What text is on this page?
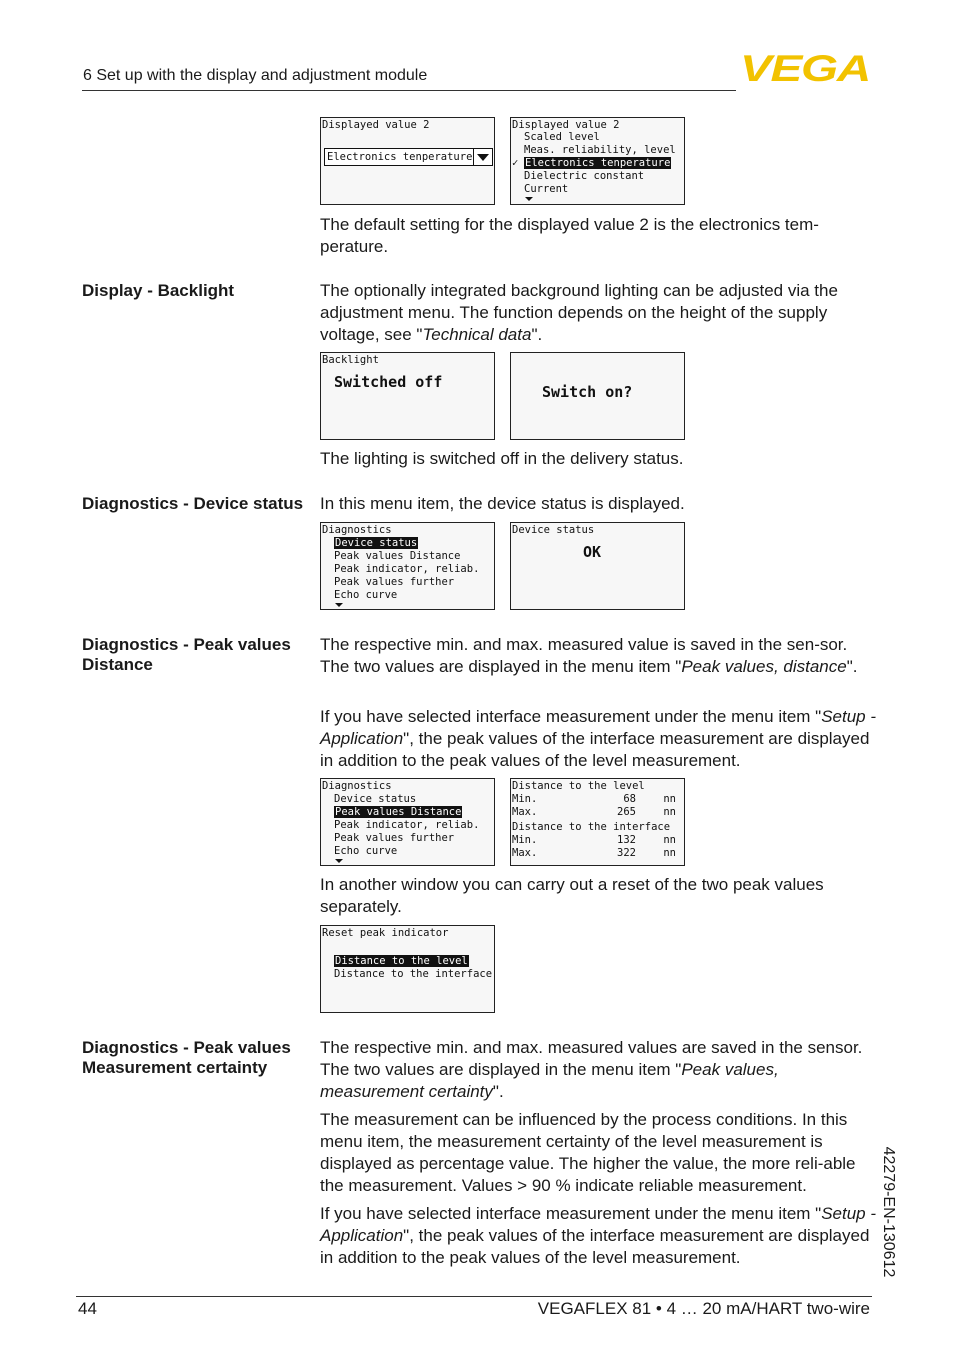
6 Set up with the display and adjustment module	VEGA
Displayed value 2
Electronics tenperature
Displayed value 2
Scaled level
Meas. reliability, level
✓ Electronics tenperature
Dielectric constant
Current
The default setting for the displayed value 2 is the electronics tem-perature.
Display - Backlight	The optionally integrated background lighting can be adjusted via the adjustment menu. The function depends on the height of the supply voltage, see "Technical data".
Backlight
Switched off
Switch on?
The lighting is switched off in the delivery status.
Diagnostics - Device status In this menu item, the device status is displayed.
Diagnostics
Device status
Peak values Distance
Peak indicator, reliab.
Peak values further
Echo curve
Device status
OK
Diagnostics - Peak values Distance
The respective min. and max. measured value is saved in the sen-sor. The two values are displayed in the menu item "Peak values, distance".
If you have selected interface measurement under the menu item "Setup - Application", the peak values of the interface measurement are displayed in addition to the peak values of the level measurement.
Diagnostics
Device status
Peak values Distance
Peak indicator, reliab.
Peak values further
Echo curve
Distance to the level
Min.	68	nn
Max.	265	nn
Distance to the interface
Min.	132	nn
Max.	322	nn
In another window you can carry out a reset of the two peak values separately.
Reset peak indicator
Distance to the level
Distance to the interface
Diagnostics - Peak values Measurement certainty
The respective min. and max. measured values are saved in the sensor. The two values are displayed in the menu item "Peak values, measurement certainty".
The measurement can be influenced by the process conditions. In this menu item, the measurement certainty of the level measurement is displayed as percentage value. The higher the value, the more reli-able the measurement. Values > 90 % indicate reliable measurement.
If you have selected interface measurement under the menu item "Setup - Application", the peak values of the interface measurement are displayed in addition to the peak values of the level measurement.	42279-EN-130612
44	VEGAFLEX 81 • 4 … 20 mA/HART two-wire
